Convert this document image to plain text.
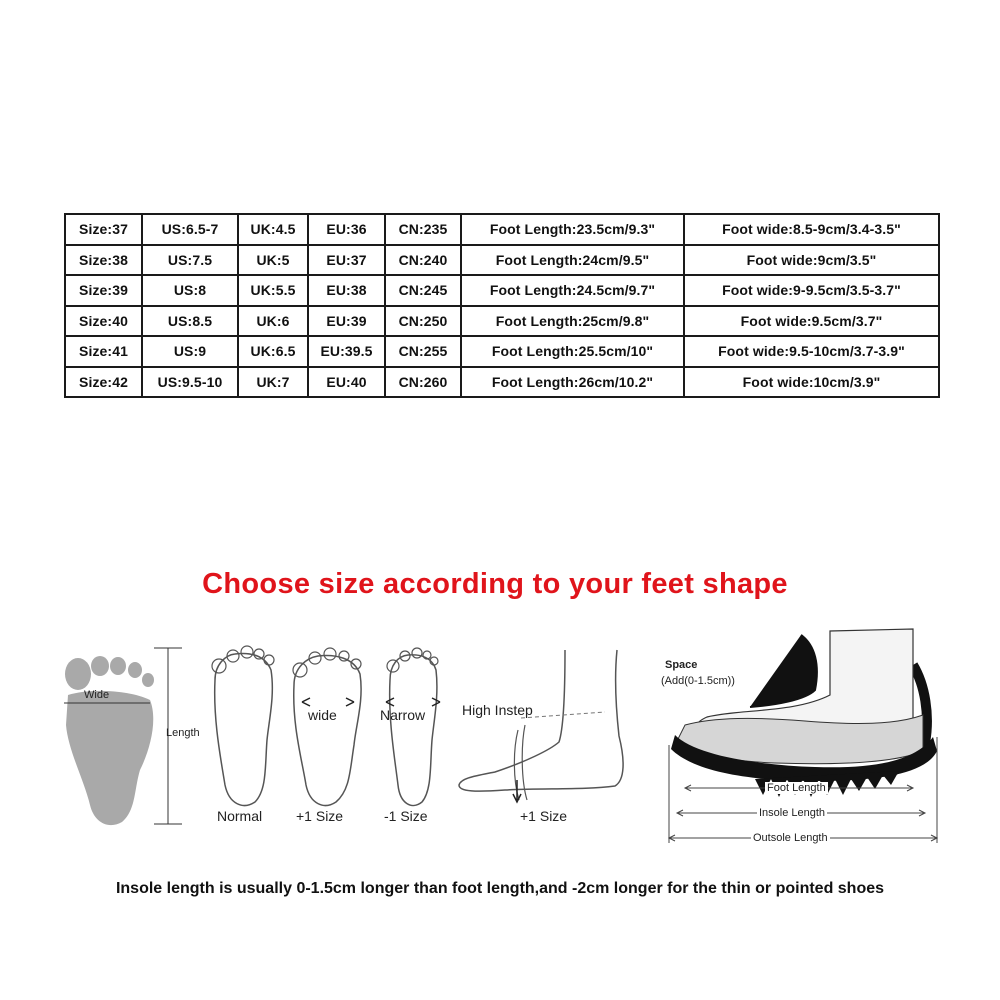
Size:37	US:6.5-7	UK:4.5	EU:36	CN:235	Foot Length:23.5cm/9.3"	Foot wide:8.5-9cm/3.4-3.5"
Size:38	US:7.5	UK:5	EU:37	CN:240	Foot Length:24cm/9.5"	Foot wide:9cm/3.5"
Size:39	US:8	UK:5.5	EU:38	CN:245	Foot Length:24.5cm/9.7"	Foot wide:9-9.5cm/3.5-3.7"
Size:40	US:8.5	UK:6	EU:39	CN:250	Foot Length:25cm/9.8"	Foot wide:9.5cm/3.7"
Size:41	US:9	UK:6.5	EU:39.5	CN:255	Foot Length:25.5cm/10"	Foot wide:9.5-10cm/3.7-3.9"
Size:42	US:9.5-10	UK:7	EU:40	CN:260	Foot Length:26cm/10.2"	Foot wide:10cm/3.9"
Choose size according to your feet shape
Wide
Length
Normal
wide
+1 Size
Narrow
-1 Size
High Instep
+1 Size
Space
(Add(0-1.5cm))
Foot Length
Insole Length
Outsole Length

Insole length is usually 0-1.5cm longer than foot length,and -2cm longer for the thin or pointed shoes
